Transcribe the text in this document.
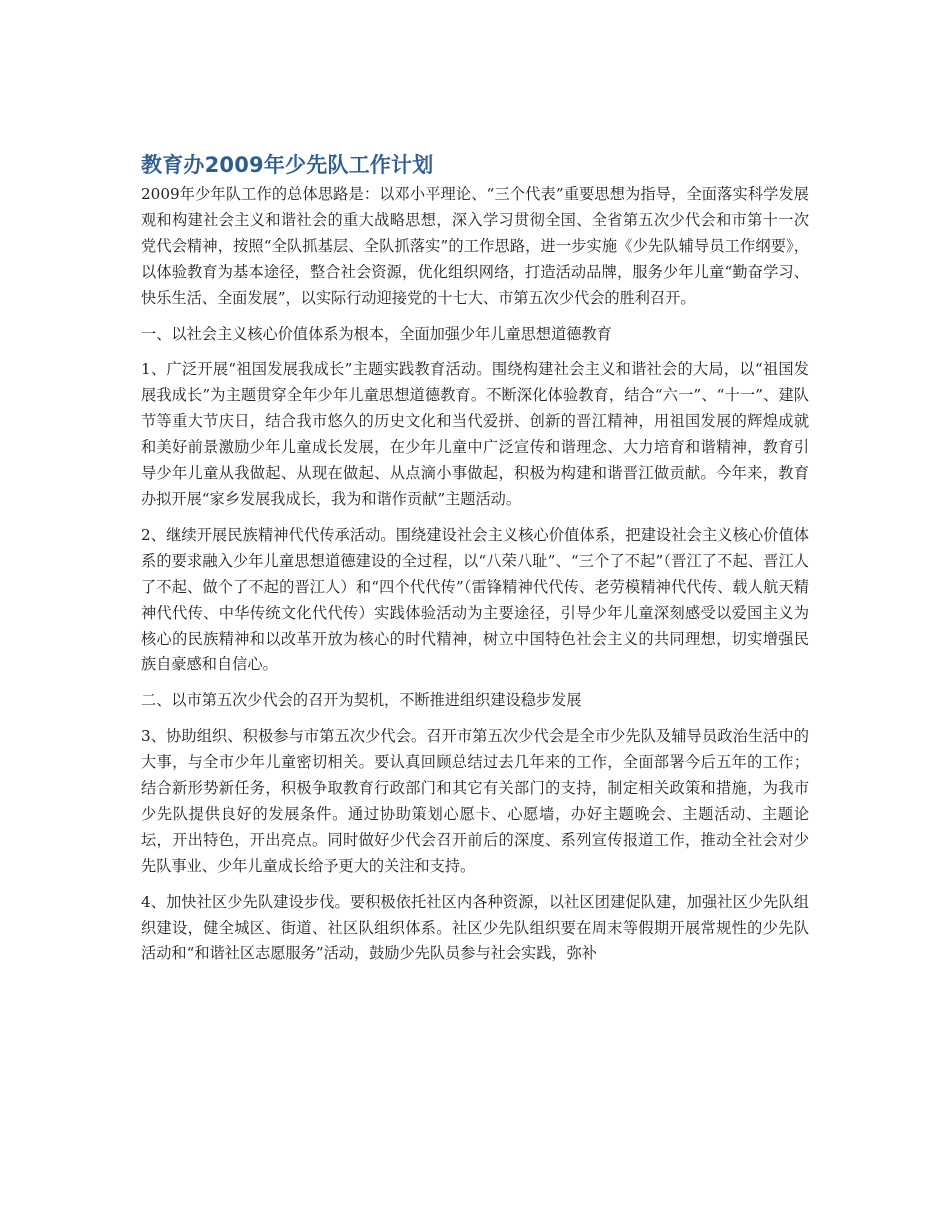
教育办2009年少先队工作计划

2009年少年队工作的总体思路是：以邓小平理论、“三个代表”重要思想为指导，全面落实科学发展观和构建社会主义和谐社会的重大战略思想，深入学习贯彻全国、全省第五次少代会和市第十一次党代会精神，按照“全队抓基层、全队抓落实”的工作思路，进一步实施《少先队辅导员工作纲要》，以体验教育为基本途径，整合社会资源，优化组织网络，打造活动品牌，服务少年儿童“勤奋学习、快乐生活、全面发展”，以实际行动迎接党的十七大、市第五次少代会的胜利召开。

一、以社会主义核心价值体系为根本，全面加强少年儿童思想道德教育

1、广泛开展“祖国发展我成长”主题实践教育活动。围绕构建社会主义和谐社会的大局，以“祖国发展我成长”为主题贯穿全年少年儿童思想道德教育。不断深化体验教育，结合“六一”、“十一”、建队节等重大节庆日，结合我市悠久的历史文化和当代爱拼、创新的晋江精神，用祖国发展的辉煌成就和美好前景激励少年儿童成长发展，在少年儿童中广泛宣传和谐理念、大力培育和谐精神，教育引导少年儿童从我做起、从现在做起、从点滴小事做起，积极为构建和谐晋江做贡献。今年来，教育办拟开展“家乡发展我成长，我为和谐作贡献”主题活动。

2、继续开展民族精神代代传承活动。围绕建设社会主义核心价值体系，把建设社会主义核心价值体系的要求融入少年儿童思想道德建设的全过程，以“八荣八耻”、“三个了不起”（晋江了不起、晋江人了不起、做个了不起的晋江人）和“四个代代传”（雷锋精神代代传、老劳模精神代代传、载人航天精神代代传、中华传统文化代代传）实践体验活动为主要途径，引导少年儿童深刻感受以爱国主义为核心的民族精神和以改革开放为核心的时代精神，树立中国特色社会主义的共同理想，切实增强民族自豪感和自信心。

二、以市第五次少代会的召开为契机，不断推进组织建设稳步发展

3、协助组织、积极参与市第五次少代会。召开市第五次少代会是全市少先队及辅导员政治生活中的大事，与全市少年儿童密切相关。要认真回顾总结过去几年来的工作，全面部署今后五年的工作；结合新形势新任务，积极争取教育行政部门和其它有关部门的支持，制定相关政策和措施，为我市少先队提供良好的发展条件。通过协助策划心愿卡、心愿墙，办好主题晚会、主题活动、主题论坛，开出特色，开出亮点。同时做好少代会召开前后的深度、系列宣传报道工作，推动全社会对少先队事业、少年儿童成长给予更大的关注和支持。

4、加快社区少先队建设步伐。要积极依托社区内各种资源，以社区团建促队建，加强社区少先队组织建设，健全城区、街道、社区队组织体系。社区少先队组织要在周末等假期开展常规性的少先队活动和“和谐社区志愿服务”活动，鼓励少先队员参与社会实践，弥补
